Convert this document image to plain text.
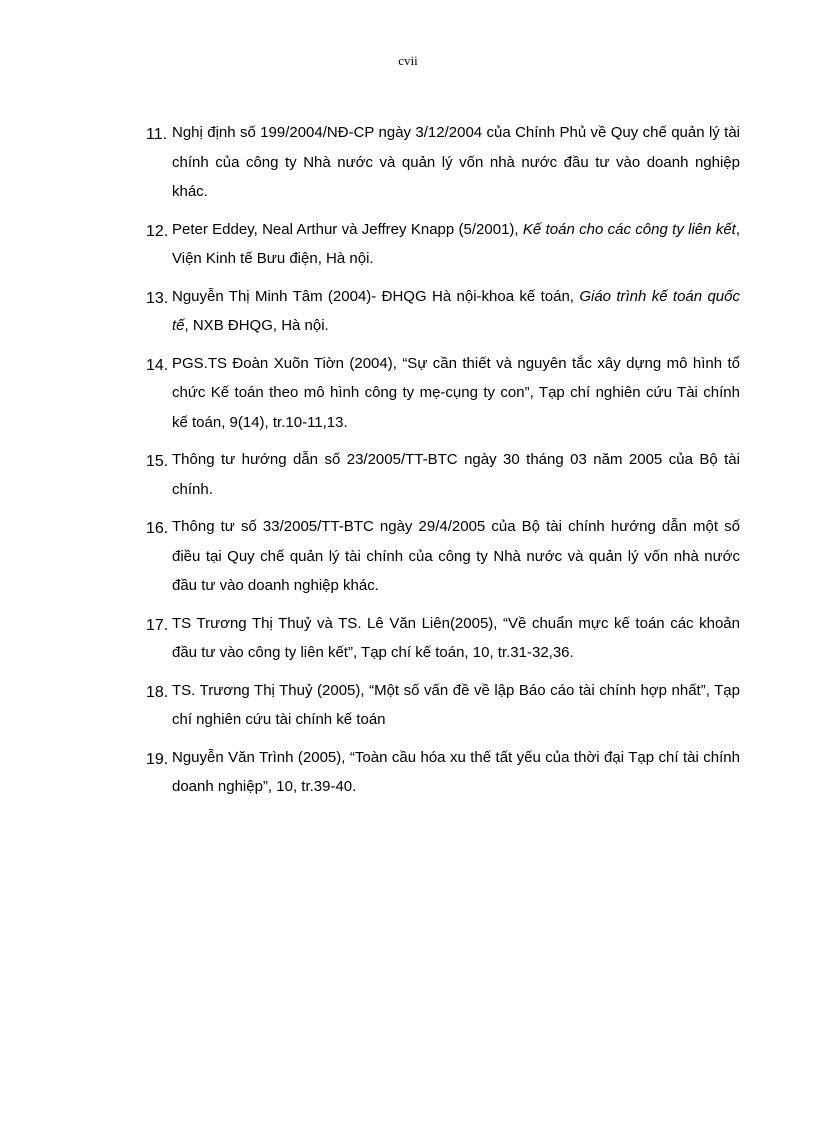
cvii
11. Nghị định số 199/2004/NĐ-CP ngày 3/12/2004 của Chính Phủ về Quy chế quản lý tài chính của công ty Nhà nước và quản lý vốn nhà nước đầu tư vào doanh nghiệp khác.
12. Peter Eddey, Neal Arthur và Jeffrey Knapp (5/2001), Kế toán cho các công ty liên kết, Viện Kinh tế Bưu điện, Hà nội.
13. Nguyễn Thị Minh Tâm (2004)- ĐHQG Hà nội-khoa kế toán, Giáo trình kế toán quốc tế, NXB ĐHQG, Hà nội.
14. PGS.TS Đoàn Xuõn Tiờn (2004), “Sự cần thiết và nguyên tắc xây dựng mô hình tổ chức Kế toán theo mô hình công ty mẹ-cụng ty con”, Tạp chí nghiên cứu Tài chính kế toán, 9(14), tr.10-11,13.
15. Thông tư hướng dẫn số 23/2005/TT-BTC ngày 30 tháng 03 năm 2005 của Bộ tài chính.
16. Thông tư số 33/2005/TT-BTC ngày 29/4/2005 của Bộ tài chính hướng dẫn một số điều tại Quy chế quản lý tài chính của công ty Nhà nước và quản lý vốn nhà nước đầu tư vào doanh nghiệp khác.
17. TS Trương Thị Thuỷ và TS. Lê Văn Liên(2005), “Về chuẩn mực kế toán các khoản đầu tư vào công ty liên kết”, Tạp chí kế toán, 10, tr.31-32,36.
18. TS. Trương Thị Thuỷ (2005), “Một số vấn đề về lập Báo cáo tài chính hợp nhất”, Tạp chí nghiên cứu tài chính kế toán
19. Nguyễn Văn Trình (2005), “Toàn cầu hóa xu thế tất yếu của thời đại Tạp chí tài chính doanh nghiệp”, 10, tr.39-40.
